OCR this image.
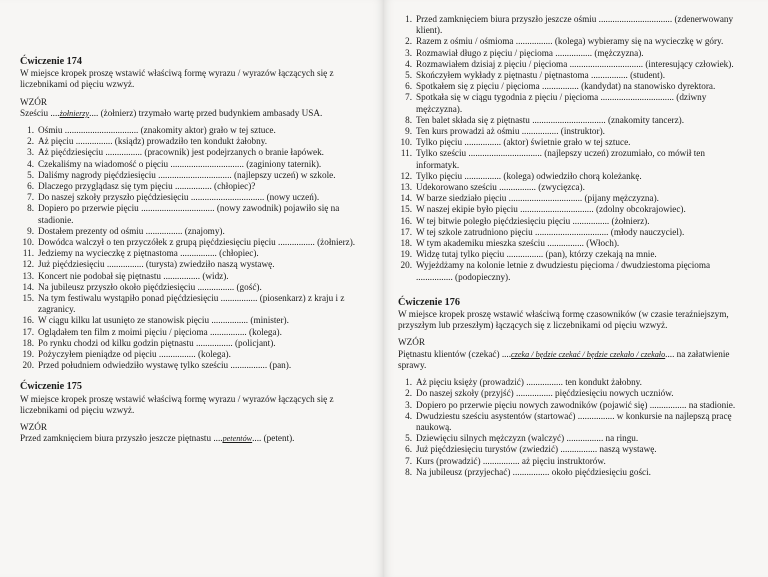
Ćwiczenie 174
W miejsce kropek proszę wstawić właściwą formę wyrazu / wyrazów łączących się z liczebnikami od pięciu wzwyż.
WZÓR
Sześciu ....żołnierzy.... (żołnierz) trzymało wartę przed budynkiem ambasady USA.
1. Ośmiu ................................ (znakomity aktor) grało w tej sztuce.
2. Aż pięciu ................ (ksiądz) prowadziło ten kondukt żałobny.
3. Aż pięćdziesięciu ................ (pracownik) jest podejrzanych o branie łapówek.
4. Czekaliśmy na wiadomość o pięciu ................................ (zaginiony taternik).
5. Daliśmy nagrody pięćdziesięciu ................................ (najlepszy uczeń) w szkole.
6. Dlaczego przyglądasz się tym pięciu ................ (chłopiec)?
7. Do naszej szkoły przyszło pięćdziesięciu ................................ (nowy uczeń).
8. Dopiero po przerwie pięciu ................................ (nowy zawodnik) pojawiło się na stadionie.
9. Dostałem prezenty od ośmiu ................ (znajomy).
10. Dowódca walczył o ten przyczółek z grupą pięćdziesięciu pięciu ................ (żołnierz).
11. Jedziemy na wycieczkę z piętnastoma ................ (chłopiec).
12. Już pięćdziesięciu ................ (turysta) zwiedziło naszą wystawę.
13. Koncert nie podobał się piętnastu ................ (widz).
14. Na jubileusz przyszło około pięćdziesięciu ................ (gość).
15. Na tym festiwalu wystąpiło ponad pięćdziesięciu ................ (piosenkarz) z kraju i z zagranicy.
16. W ciągu kilku lat usunięto ze stanowisk pięciu ................ (minister).
17. Oglądałem ten film z moimi pięciu / pięcioma ................ (kolega).
18. Po rynku chodzi od kilku godzin piętnastu ................ (policjant).
19. Pożyczyłem pieniądze od pięciu ................ (kolega).
20. Przed południem odwiedziło wystawę tylko sześciu ................ (pan).
Ćwiczenie 175
W miejsce kropek proszę wstawić właściwą formę wyrazu / wyrazów łączących się z liczebnikami od pięciu wzwyż.
WZÓR
Przed zamknięciem biura przyszło jeszcze piętnastu ....petentów.... (petent).
1. Przed zamknięciem biura przyszło jeszcze ośmiu ................................ (zdenerwowany klient).
2. Razem z ośmiu / ośmioma ................ (kolega) wybieramy się na wycieczkę w góry.
3. Rozmawiał długo z pięciu / pięcioma ................ (mężczyzna).
4. Rozmawiałem dzisiaj z pięciu / pięcioma ................................ (interesujący człowiek).
5. Skończyłem wykłady z piętnastu / piętnastoma ................ (student).
6. Spotkałem się z pięciu / pięcioma ................ (kandydat) na stanowisko dyrektora.
7. Spotkała się w ciągu tygodnia z pięciu / pięcioma ................................ (dziwny mężczyzna).
8. Ten balet składa się z piętnastu ................................ (znakomity tancerz).
9. Ten kurs prowadzi aż ośmiu ................ (instruktor).
10. Tylko pięciu ................ (aktor) świetnie grało w tej sztuce.
11. Tylko sześciu ................................ (najlepszy uczeń) zrozumiało, co mówił ten informatyk.
12. Tylko pięciu ................ (kolega) odwiedziło chorą koleżankę.
13. Udekorowano sześciu ................ (zwycięzca).
14. W barze siedziało pięciu ................................ (pijany mężczyzna).
15. W naszej ekipie było pięciu ................................ (zdolny obcokrajowiec).
16. W tej bitwie poległo pięćdziesięciu pięciu ................ (żołnierz).
17. W tej szkole zatrudniono pięciu ................................ (młody nauczyciel).
18. W tym akademiku mieszka sześciu ................ (Włoch).
19. Widzę tutaj tylko pięciu ................ (pan), którzy czekają na mnie.
20. Wyjeżdżamy na kolonie letnie z dwudziestu pięcioma / dwudziestoma pięcioma ................ (podopieczny).
Ćwiczenie 176
W miejsce kropek proszę wstawić właściwą formę czasowników (w czasie teraźniejszym, przyszłym lub przeszłym) łączących się z liczebnikami od pięciu wzwyż.
WZÓR
Piętnastu klientów (czekać) ....czeka / będzie czekać / będzie czekało / czekało.... na załatwienie sprawy.
1. Aż pięciu księży (prowadzić) ................ ten kondukt żałobny.
2. Do naszej szkoły (przyjść) ................ pięćdziesięciu nowych uczniów.
3. Dopiero po przerwie pięciu nowych zawodników (pojawić się) ................ na stadionie.
4. Dwudziestu sześciu asystentów (startować) ................ w konkursie na najlepszą pracę naukową.
5. Dziewięciu silnych mężczyzn (walczyć) ................ na ringu.
6. Już pięćdziesięciu turystów (zwiedzić) ................ naszą wystawę.
7. Kurs (prowadzić) ................ aż pięciu instruktorów.
8. Na jubileusz (przyjechać) ................ około pięćdziesięciu gości.
